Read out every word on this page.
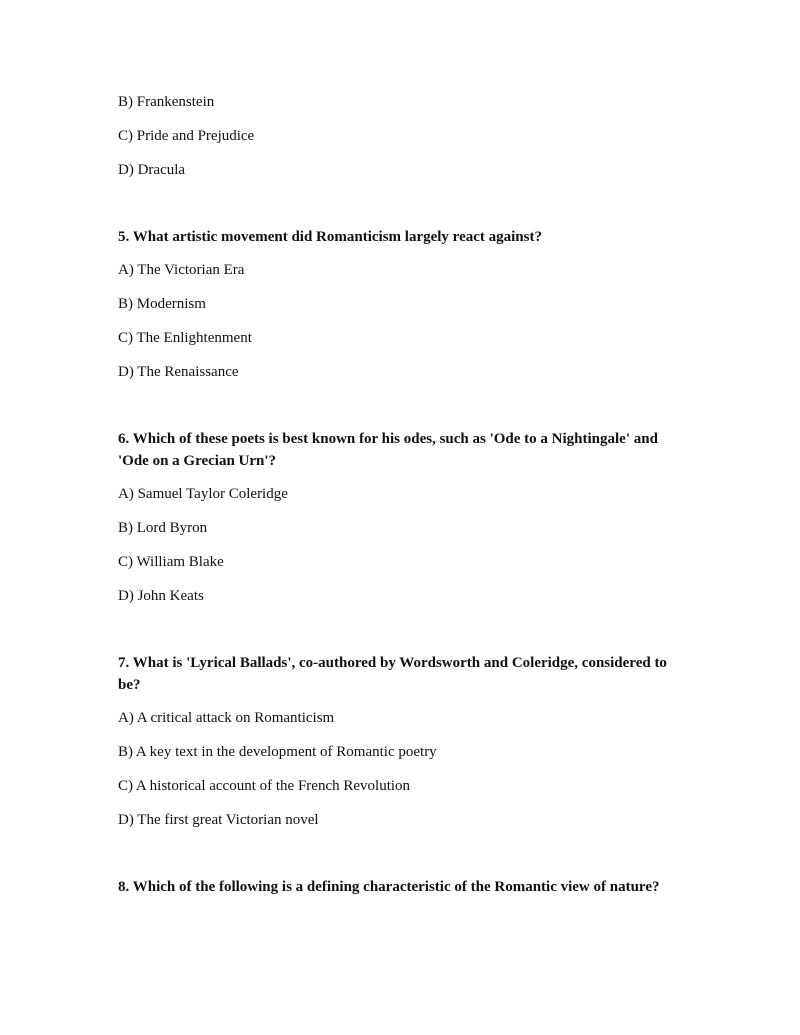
B) Frankenstein
C) Pride and Prejudice
D) Dracula
5. What artistic movement did Romanticism largely react against?
A) The Victorian Era
B) Modernism
C) The Enlightenment
D) The Renaissance
6. Which of these poets is best known for his odes, such as 'Ode to a Nightingale' and 'Ode on a Grecian Urn'?
A) Samuel Taylor Coleridge
B) Lord Byron
C) William Blake
D) John Keats
7. What is 'Lyrical Ballads', co-authored by Wordsworth and Coleridge, considered to be?
A) A critical attack on Romanticism
B) A key text in the development of Romantic poetry
C) A historical account of the French Revolution
D) The first great Victorian novel
8. Which of the following is a defining characteristic of the Romantic view of nature?
